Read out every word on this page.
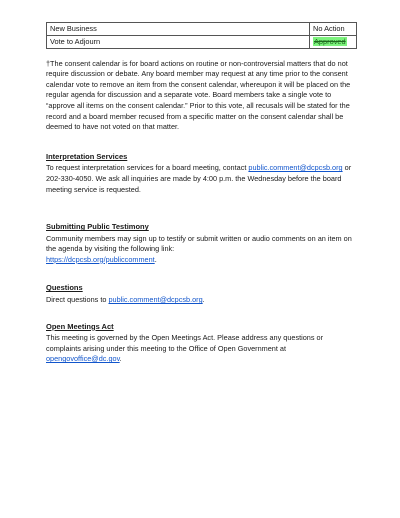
New Business	No Action
Vote to Adjourn	Approved

†The consent calendar is for board actions on routine or non-controversial matters that do not require discussion or debate. Any board member may request at any time prior to the consent calendar vote to remove an item from the consent calendar, whereupon it will be placed on the regular agenda for discussion and a separate vote. Board members take a single vote to “approve all items on the consent calendar.” Prior to this vote, all recusals will be stated for the record and a board member recused from a specific matter on the consent calendar shall be deemed to have not voted on that matter.

Interpretation Services

To request interpretation services for a board meeting, contact public.comment@dcpcsb.org or 202-330-4050. We ask all inquiries are made by 4:00 p.m. the Wednesday before the board meeting service is requested.

Submitting Public Testimony

Community members may sign up to testify or submit written or audio comments on an item on the agenda by visiting the following link:
https://dcpcsb.org/publiccomment.

Questions

Direct questions to public.comment@dcpcsb.org.

Open Meetings Act

This meeting is governed by the Open Meetings Act. Please address any questions or complaints arising under this meeting to the Office of Open Government at opengovoffice@dc.gov.
